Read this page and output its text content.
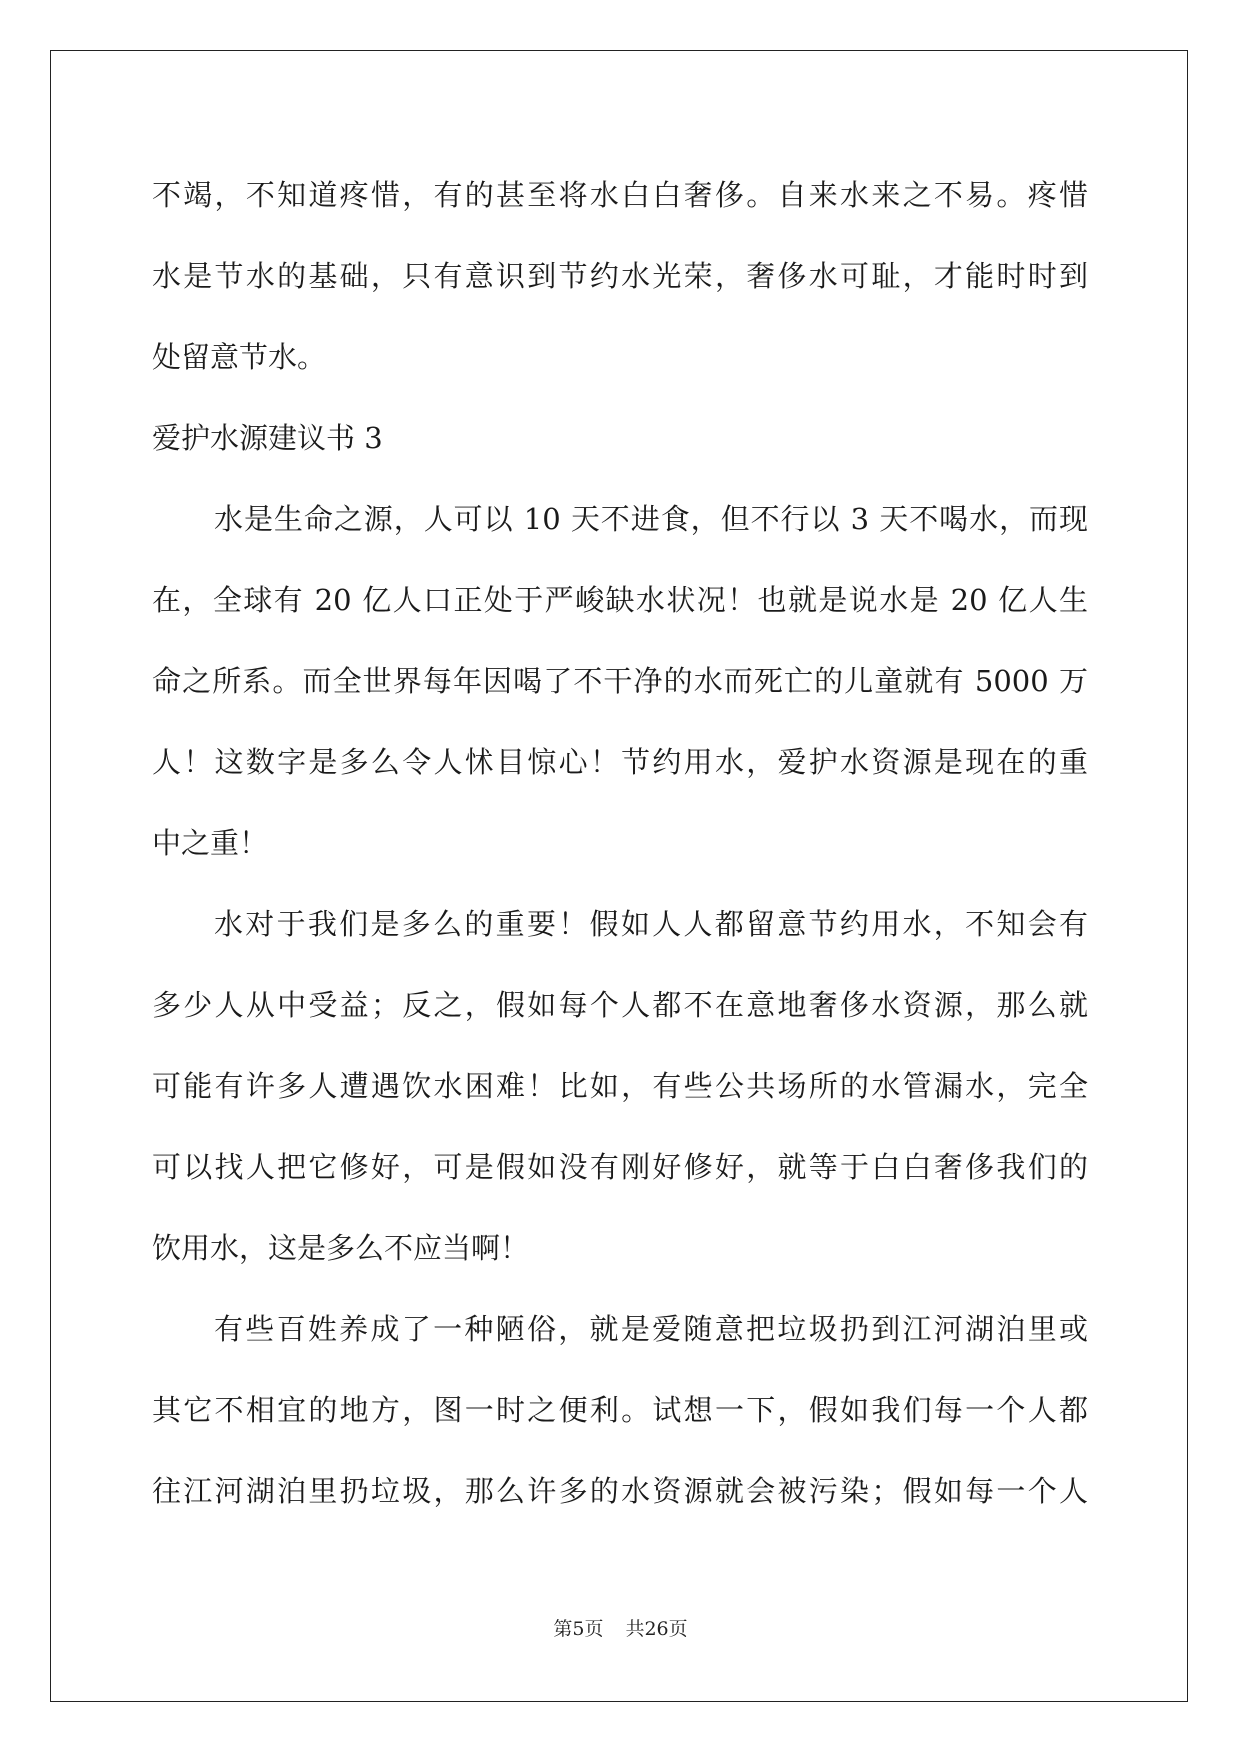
不竭，不知道疼惜，有的甚至将水白白奢侈。自来水来之不易。疼惜
水是节水的基础，只有意识到节约水光荣，奢侈水可耻，才能时时到
处留意节水。
爱护水源建议书 3
水是生命之源，人可以 10 天不进食，但不行以 3 天不喝水，而现
在，全球有 20 亿人口正处于严峻缺水状况！也就是说水是 20 亿人生
命之所系。而全世界每年因喝了不干净的水而死亡的儿童就有 5000 万
人！这数字是多么令人怵目惊心！节约用水，爱护水资源是现在的重
中之重！
水对于我们是多么的重要！假如人人都留意节约用水，不知会有
多少人从中受益；反之，假如每个人都不在意地奢侈水资源，那么就
可能有许多人遭遇饮水困难！比如，有些公共场所的水管漏水，完全
可以找人把它修好，可是假如没有刚好修好，就等于白白奢侈我们的
饮用水，这是多么不应当啊！
有些百姓养成了一种陋俗，就是爱随意把垃圾扔到江河湖泊里或
其它不相宜的地方，图一时之便利。试想一下，假如我们每一个人都
往江河湖泊里扔垃圾，那么许多的水资源就会被污染；假如每一个人
第5页 共26页
